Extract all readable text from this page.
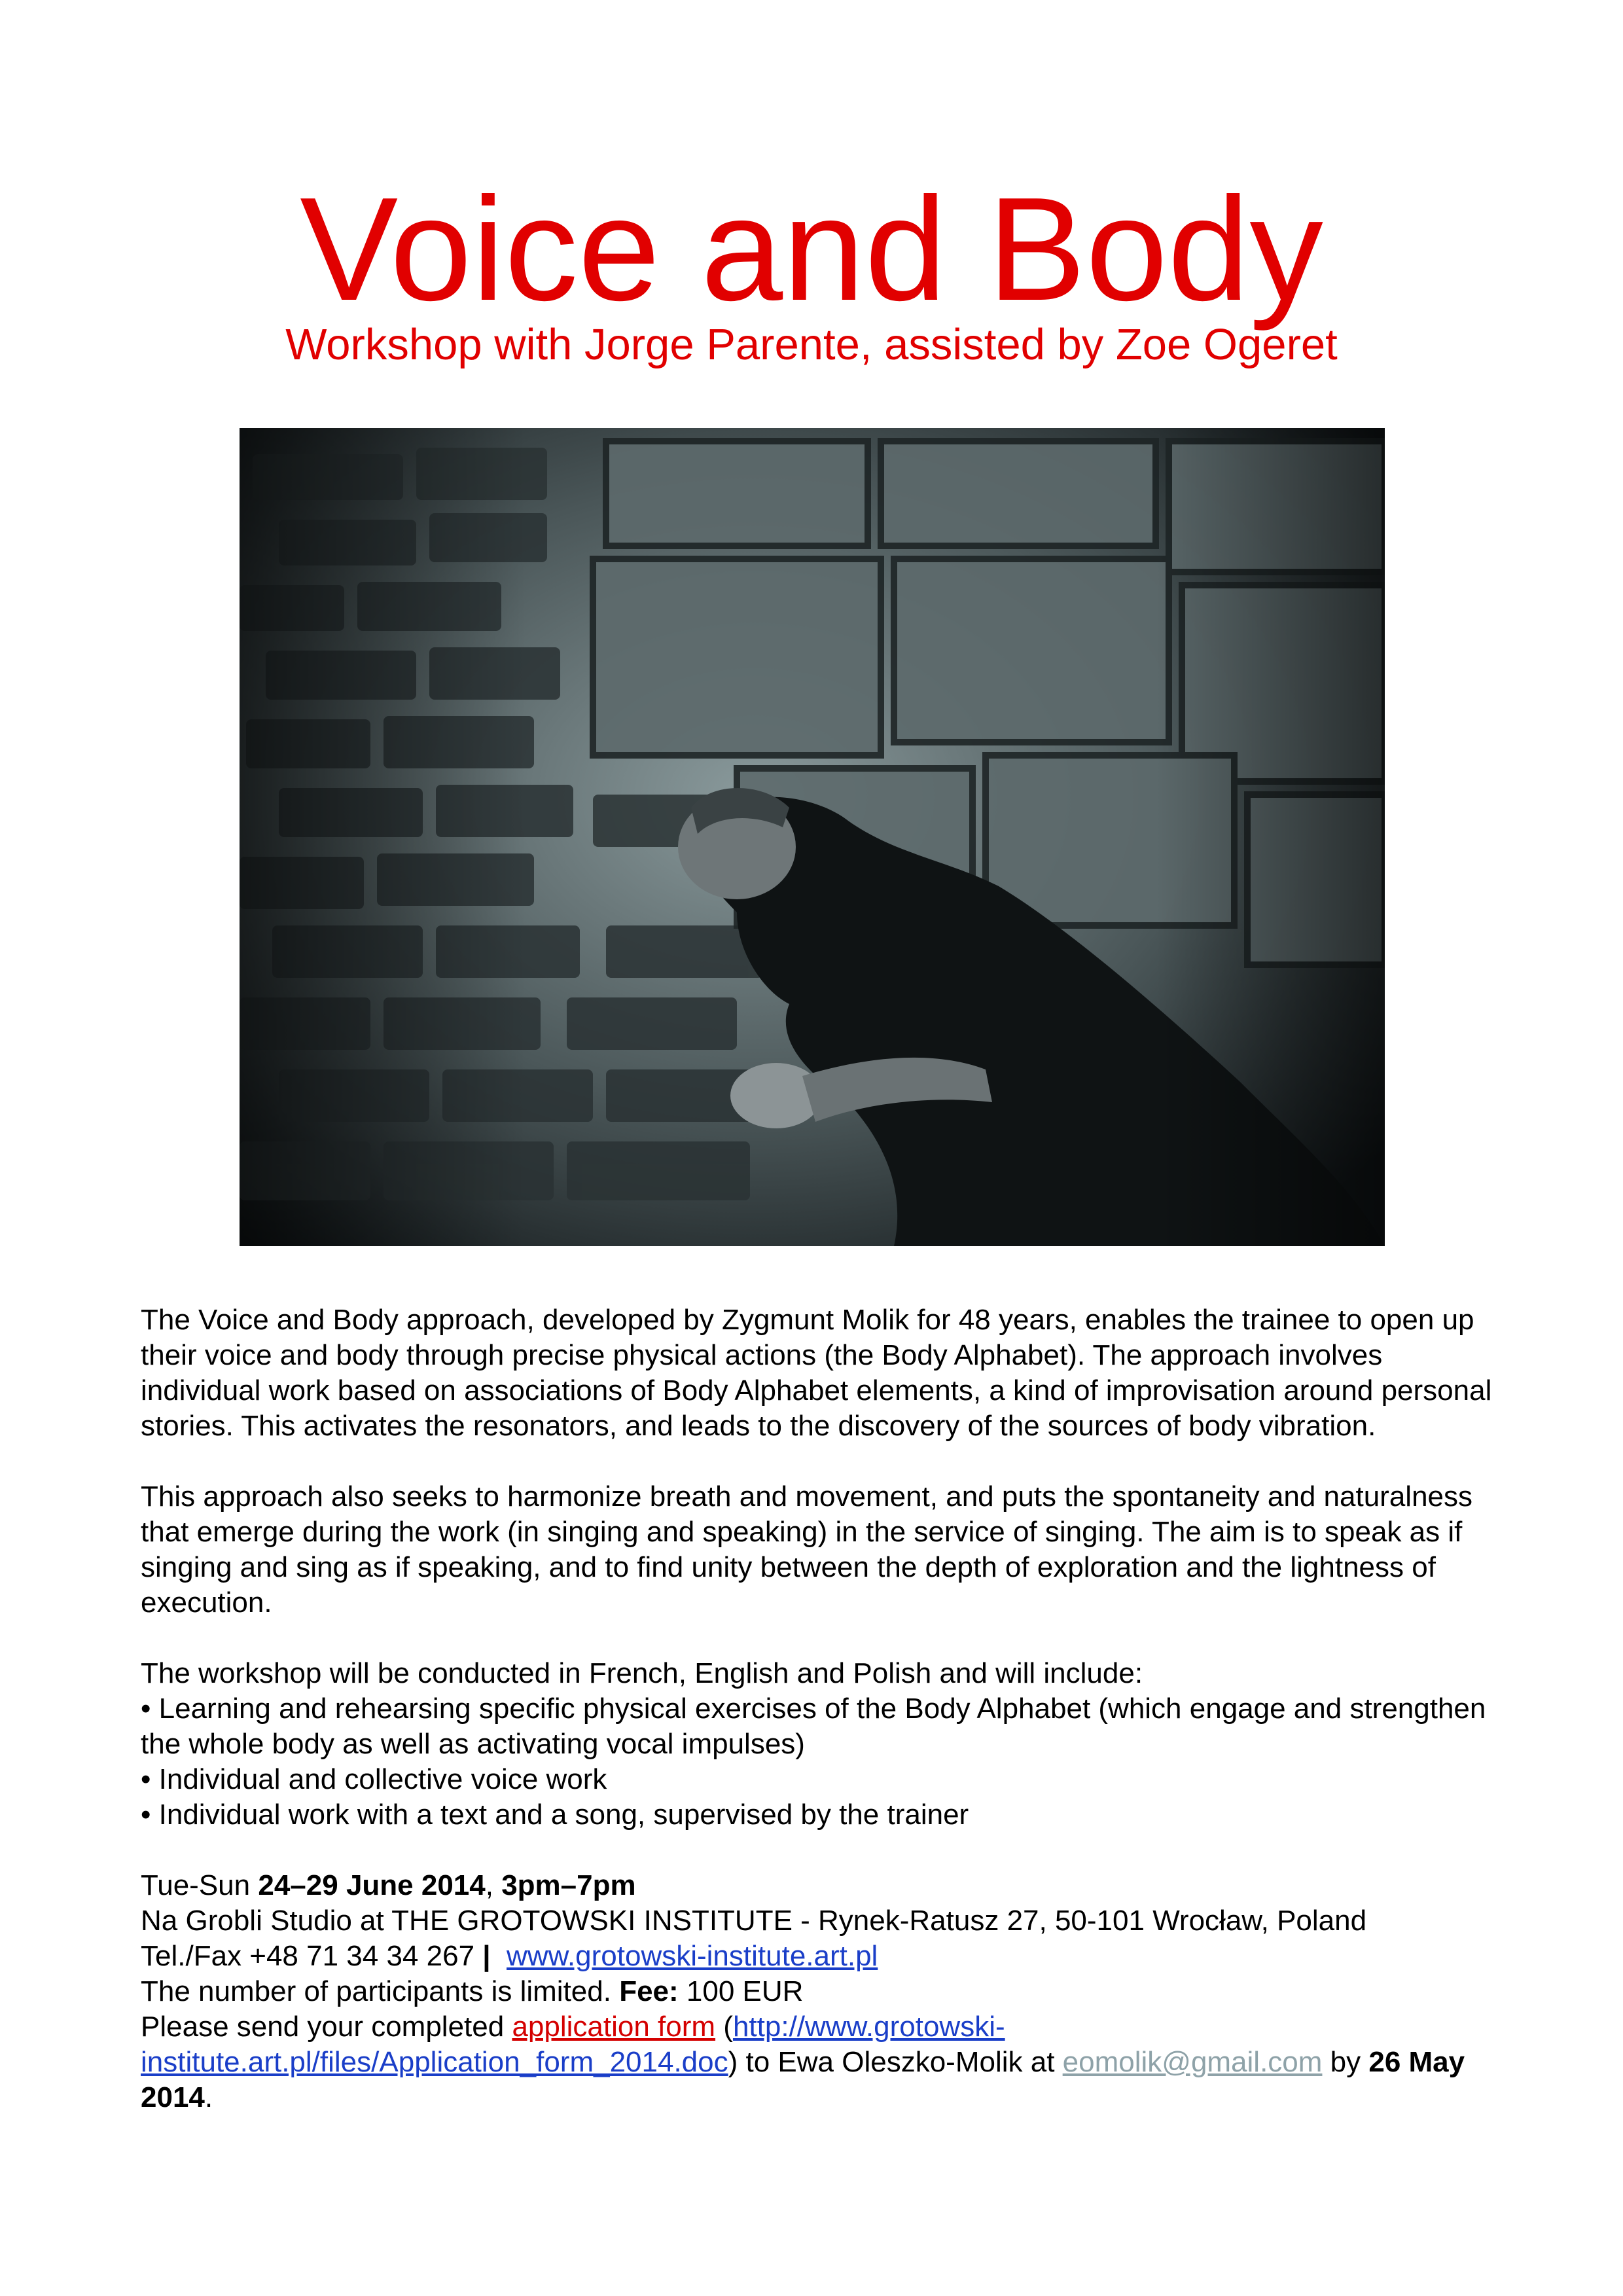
Voice and Body
Workshop with Jorge Parente, assisted by Zoe Ogeret

The Voice and Body approach, developed by Zygmunt Molik for 48 years, enables the trainee to open up their voice and body through precise physical actions (the Body Alphabet). The approach involves individual work based on associations of Body Alphabet elements, a kind of improvisation around personal stories. This activates the resonators, and leads to the discovery of the sources of body vibration.

This approach also seeks to harmonize breath and movement, and puts the spontaneity and naturalness that emerge during the work (in singing and speaking) in the service of singing. The aim is to speak as if singing and sing as if speaking, and to find unity between the depth of exploration and the lightness of execution.

The workshop will be conducted in French, English and Polish and will include:
• Learning and rehearsing specific physical exercises of the Body Alphabet (which engage and strengthen the whole body as well as activating vocal impulses)
• Individual and collective voice work
• Individual work with a text and a song, supervised by the trainer

Tue-Sun 24–29 June 2014, 3pm–7pm

Na Grobli Studio at THE GROTOWSKI INSTITUTE - Rynek-Ratusz 27, 50-101 Wrocław, Poland

Tel./Fax +48 71 34 34 267 | www.grotowski-institute.art.pl

The number of participants is limited. Fee: 100 EUR

Please send your completed application form (http://www.grotowski-institute.art.pl/files/Application_form_2014.doc) to Ewa Oleszko-Molik at eomolik@gmail.com by 26 May 2014.
